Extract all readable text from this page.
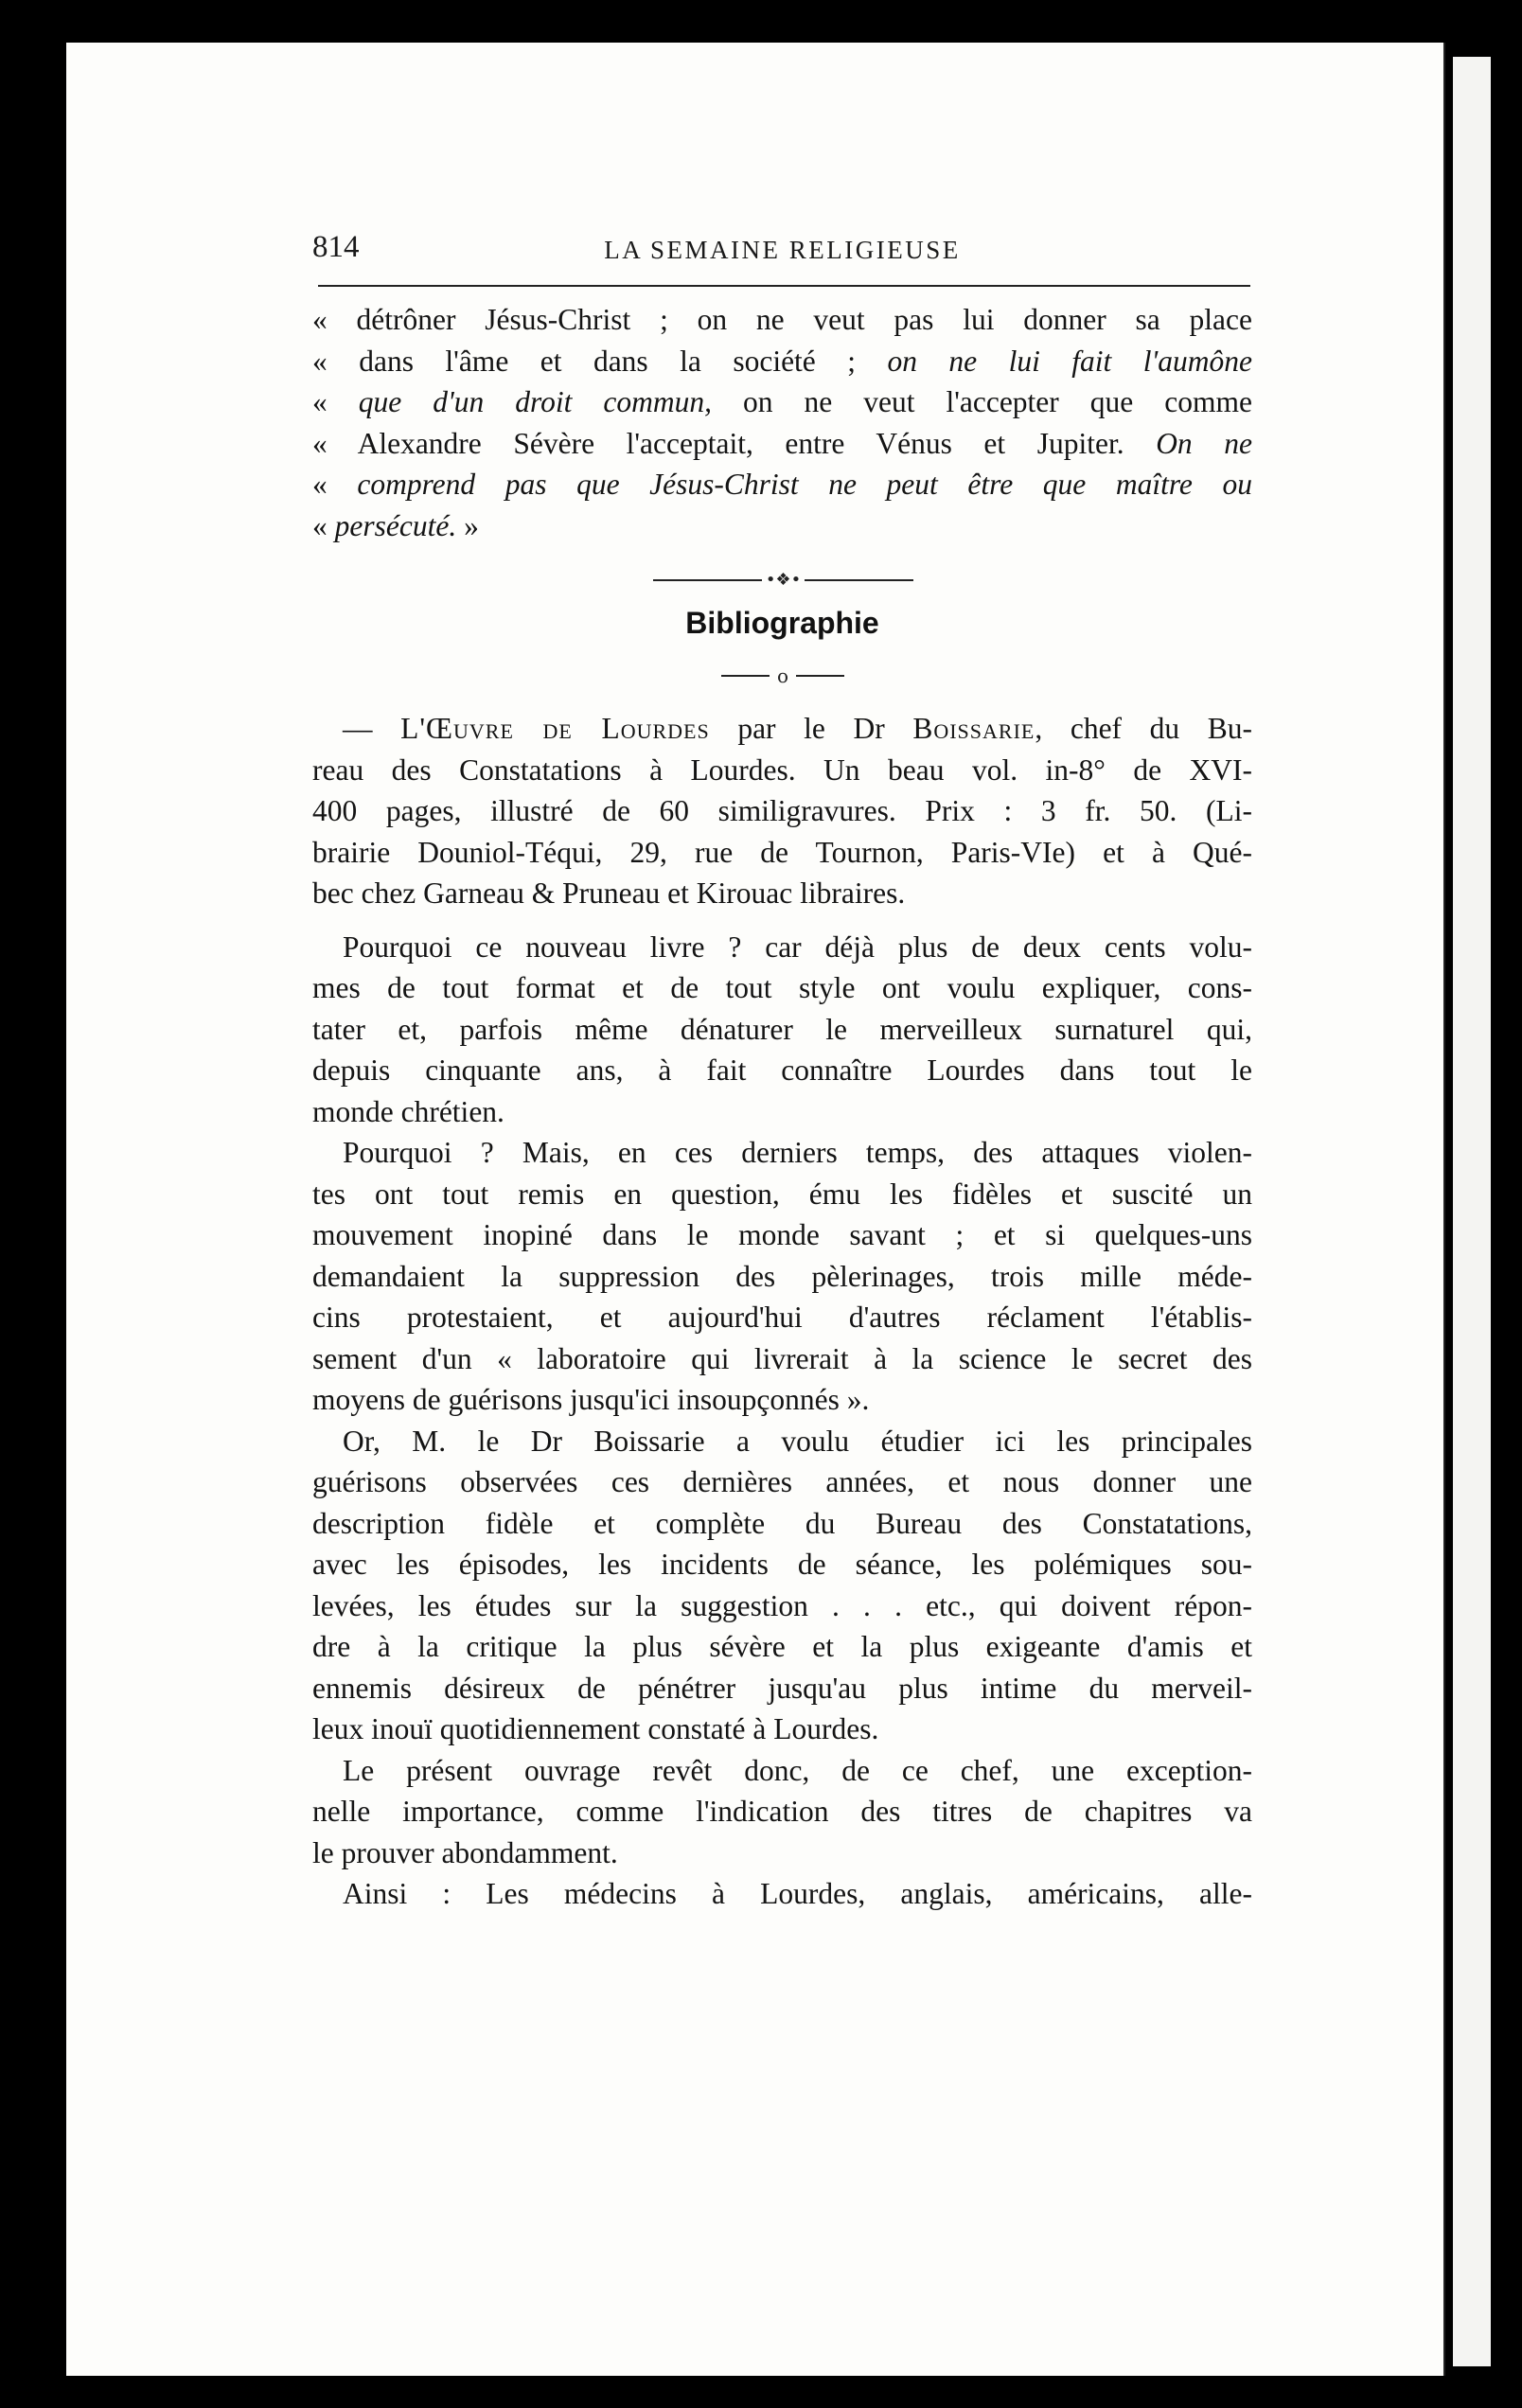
814	LA SEMAINE RELIGIEUSE
« détrôner Jésus-Christ ; on ne veut pas lui donner sa place
« dans l'âme et dans la société ; on ne lui fait l'aumône
« que d'un droit commun, on ne veut l'accepter que comme
« Alexandre Sévère l'acceptait, entre Vénus et Jupiter. On ne
« comprend pas que Jésus-Christ ne peut être que maître ou
« persécuté. »
•❖•
Bibliographie
o
— L'Œuvre de Lourdes par le Dr Boissarie, chef du Bu-
reau des Constatations à Lourdes. Un beau vol. in-8° de XVI-
400 pages, illustré de 60 similigravures. Prix : 3 fr. 50. (Li-
brairie Douniol-Téqui, 29, rue de Tournon, Paris-VIe) et à Qué-
bec chez Garneau & Pruneau et Kirouac libraires.
Pourquoi ce nouveau livre ? car déjà plus de deux cents volu-
mes de tout format et de tout style ont voulu expliquer, cons-
tater et, parfois même dénaturer le merveilleux surnaturel qui,
depuis cinquante ans, à fait connaître Lourdes dans tout le
monde chrétien.
Pourquoi ? Mais, en ces derniers temps, des attaques violen-
tes ont tout remis en question, ému les fidèles et suscité un
mouvement inopiné dans le monde savant ; et si quelques-uns
demandaient la suppression des pèlerinages, trois mille méde-
cins protestaient, et aujourd'hui d'autres réclament l'établis-
sement d'un « laboratoire qui livrerait à la science le secret des
moyens de guérisons jusqu'ici insoupçonnés ».
Or, M. le Dr Boissarie a voulu étudier ici les principales
guérisons observées ces dernières années, et nous donner une
description fidèle et complète du Bureau des Constatations,
avec les épisodes, les incidents de séance, les polémiques sou-
levées, les études sur la suggestion . . . etc., qui doivent répon-
dre à la critique la plus sévère et la plus exigeante d'amis et
ennemis désireux de pénétrer jusqu'au plus intime du merveil-
leux inouï quotidiennement constaté à Lourdes.
Le présent ouvrage revêt donc, de ce chef, une exception-
nelle importance, comme l'indication des titres de chapitres va
le prouver abondamment.
Ainsi : Les médecins à Lourdes, anglais, américains, alle-
